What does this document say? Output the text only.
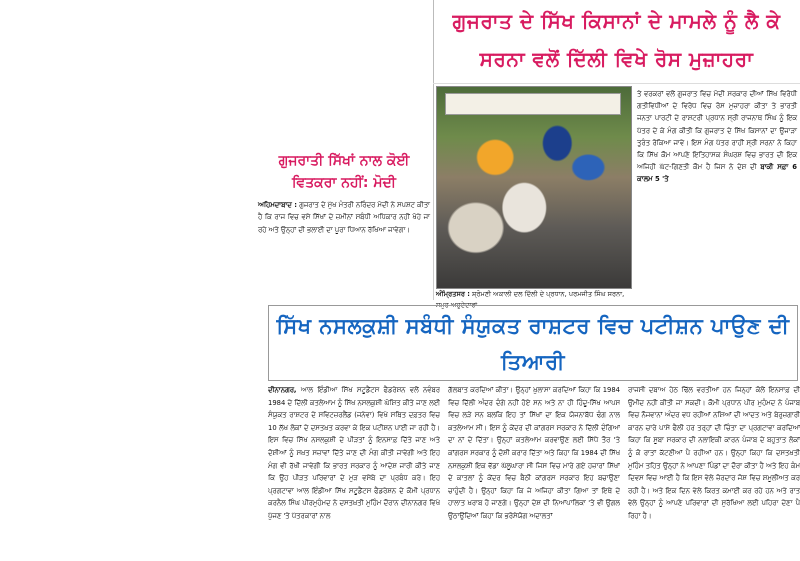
ਗੁਜਰਾਤ ਦੇ ਸਿੱਖ ਕਿਸਾਨਾਂ ਦੇ ਮਾਮਲੇ ਨੂੰ ਲੈ ਕੇ ਸਰਨਾ ਵਲੋਂ ਦਿੱਲੀ ਵਿਖੇ ਰੋਸ ਮੁਜ਼ਾਹਰਾ
ਅੰਮ੍ਰਿਤਸਰ : ਸ਼੍ਰੋਮਣੀ ਅਕਾਲੀ ਦਲ ਦਿੱਲੀ ਦੇ ਪ੍ਰਧਾਨ, ਪਰਮਜੀਤ ਸਿੰਘ ਸਰਨਾ, ਸਮੁਹ ਅਹੁਦੇਦਾਰਾਂ
ਤੇ ਵਰਕਰਾਂ ਵਲੋਂ ਗੁਜਰਾਤ ਵਿਚ ਮੋਦੀ ਸਰਕਾਰ ਦੀਆਂ ਸਿੱਖ ਵਿਰੋਧੀ ਗਤੀਵਿਧੀਆਂ ਦੇ ਵਿਰੋਧ ਵਿਚ ਰੋਸ ਮੁਜ਼ਾਹਰਾ ਕੀਤਾ ਤੇ ਭਾਰਤੀ ਜਨਤਾ ਪਾਰਟੀ ਦੇ ਰਾਸ਼ਟਰੀ ਪ੍ਰਧਾਨ ਸ੍ਰੀ ਰਾਜਨਾਥ ਸਿੰਘ ਨੂੰ ਇਕ ਪੱਤਰ ਦੇ ਕੇ ਮੰਗ ਕੀਤੀ ਕਿ ਗੁਜਰਾਤ ਦੇ ਸਿੱਖ ਕਿਸਾਨਾਂ ਦਾ ਉਜਾੜਾ ਤੁਰੰਤ ਰੋਕਿਆ ਜਾਵੇ। ਇਸ ਮੰਗ ਪੱਤਰ ਰਾਹੀਂ ਸ੍ਰੀ ਸਰਨਾ ਨੇ ਕਿਹਾ ਕਿ ਸਿੱਖ ਕੌਮ ਆਪਣੇ ਇਤਿਹਾਸਕ ਸੰਘਰਸ਼ ਵਿਚ ਭਾਰਤ ਦੀ ਇਕ ਅਜਿਹੀ ਘੱਟ-ਗਿਣਤੀ ਕੌਮ ਹੈ ਜਿਸ ਨੇ ਦੇਸ਼ ਦੀ ਬਾਕੀ ਸਫ਼ਾ 6 ਕਾਲਮ 5 'ਤੇ
ਗੁਜਰਾਤੀ ਸਿੱਖਾਂ ਨਾਲ ਕੋਈ ਵਿਤਕਰਾ ਨਹੀਂ: ਮੋਦੀ
ਅਹਿਮਦਾਬਾਦ : ਗੁਜਰਾਤ ਦੇ ਮੁੱਖ ਮੰਤਰੀ ਨਰਿੰਦਰ ਮੋਦੀ ਨੇ ਸਪਸ਼ਟ ਕੀਤਾ ਹੈ ਕਿ ਰਾਜ ਵਿਚ ਵਸੇ ਸਿੱਖਾਂ ਦੇ ਜ਼ਮੀਨਾਂ ਸਬੰਧੀ ਅਧਿਕਾਰ ਨਹੀਂ ਖੋਹੇ ਜਾ ਰਹੇ ਅਤੇ ਉਨ੍ਹਾਂ ਦੀ ਭਲਾਈ ਦਾ ਪੂਰਾ ਧਿਆਨ ਰੱਖਿਆ ਜਾਵੇਗਾ।
ਸਿੱਖ ਨਸਲਕੁਸ਼ੀ ਸਬੰਧੀ ਸੰਯੁਕਤ ਰਾਸ਼ਟਰ ਵਿਚ ਪਟੀਸ਼ਨ ਪਾਉਣ ਦੀ ਤਿਆਰੀ
ਦੀਨਾਨਗਰ, ਆਲ ਇੰਡੀਆ ਸਿੱਖ ਸਟੂਡੈਂਟਸ ਫੈਡਰੇਸ਼ਨ ਵਲੋਂ ਨਵੰਬਰ 1984 ਦੇ ਦਿੱਲੀ ਕਤਲੇਆਮ ਨੂੰ ਸਿੱਖ ਨਸਲਕੁਸ਼ੀ ਘੋਸ਼ਿਤ ਕੀਤੇ ਜਾਣ ਲਈ ਸੰਯੁਕਤ ਰਾਸ਼ਟਰ ਦੇ ਸਵਿਟਜ਼ਰਲੈਂਡ (ਜਨੇਵਾ) ਵਿਖੇ ਸਥਿਤ ਦਫ਼ਤਰ ਵਿਚ 10 ਲੱਖ ਲੋਕਾਂ ਦੇ ਦਸਤਖ਼ਤ ਕਰਵਾ ਕੇ ਇਕ ਪਟੀਸ਼ਨ ਪਾਈ ਜਾ ਰਹੀ ਹੈ। ਇਸ ਵਿਚ ਸਿੱਖ ਨਸਲਕੁਸ਼ੀ ਦੇ ਪੀੜਤਾਂ ਨੂੰ ਇਨਸਾਫ਼ ਦਿੱਤੇ ਜਾਣ ਅਤੇ ਦੋਸ਼ੀਆਂ ਨੂੰ ਸਖ਼ਤ ਸਜ਼ਾਵਾਂ ਦਿੱਤੇ ਜਾਣ ਦੀ ਮੰਗ ਕੀਤੀ ਜਾਵੇਗੀ ਅਤੇ ਇਹ ਮੰਗ ਵੀ ਰੱਖੀ ਜਾਵੇਗੀ ਕਿ ਭਾਰਤ ਸਰਕਾਰ ਨੂੰ ਆਦੇਸ਼ ਜਾਰੀ ਕੀਤੇ ਜਾਣ ਕਿ ਉਹ ਪੀੜਤ ਪਰਿਵਾਰਾਂ ਦੇ ਮੁੜ ਵਸੇਬੇ ਦਾ ਪ੍ਰਬੰਧ ਕਰੇ। ਇਹ ਪ੍ਰਗਟਾਵਾ ਆਲ ਇੰਡੀਆ ਸਿੱਖ ਸਟੂਡੈਂਟਸ ਫੈਡਰੇਸ਼ਨ ਦੇ ਕੌਮੀ ਪ੍ਰਧਾਨ ਕਰਨੈਲ ਸਿੰਘ ਪੀਰਮੁਹੰਮਦ ਨੇ ਦਸਤਖ਼ਤੀ ਮੁਹਿੰਮ ਦੌਰਾਨ ਦੀਨਾਨਗਰ ਵਿਖੇ ਪੁੱਜਣ 'ਤੇ ਪੱਤਰਕਾਰਾਂ ਨਾਲ
ਗੱਲਬਾਤ ਕਰਦਿਆਂ ਕੀਤਾ। ਉਨ੍ਹਾਂ ਖ਼ੁਲਾਸਾ ਕਰਦਿਆਂ ਕਿਹਾ ਕਿ 1984 ਵਿਚ ਦਿੱਲੀ ਅੰਦਰ ਦੰਗੇ ਨਹੀਂ ਹੋਏ ਸਨ ਅਤੇ ਨਾ ਹੀ ਹਿੰਦੂ-ਸਿੱਖ ਆਪਸ ਵਿਚ ਲੜੇ ਸਨ ਬਲਕਿ ਇਹ ਤਾਂ ਸਿੱਖਾਂ ਦਾ ਇਕ ਯੋਜਨਾਬੱਧ ਢੰਗ ਨਾਲ ਕਤਲੇਆਮ ਸੀ। ਇਸ ਨੂੰ ਕੇਂਦਰ ਦੀ ਕਾਂਗਰਸ ਸਰਕਾਰ ਨੇ ਦਿੱਲੀ ਦੰਗਿਆਂ ਦਾ ਨਾਂ ਦੇ ਦਿੱਤਾ। ਉਨ੍ਹਾਂ ਕਤਲੇਆਮ ਕਰਵਾਉਣ ਲਈ ਸਿੱਧੇ ਤੌਰ 'ਤੇ ਕਾਂਗਰਸ ਸਰਕਾਰ ਨੂੰ ਦੋਸ਼ੀ ਕਰਾਰ ਦਿੱਤਾ ਅਤੇ ਕਿਹਾ ਕਿ 1984 ਦੀ ਸਿੱਖ ਨਸਲਕੁਸ਼ੀ ਇਕ ਵੱਡਾ ਘੱਲੂਘਾਰਾ ਸੀ ਜਿਸ ਵਿਚ ਮਾਰੇ ਗਏ ਹਜ਼ਾਰਾਂ ਸਿੱਖਾਂ ਦੇ ਕਾਤਲਾਂ ਨੂੰ ਕੇਂਦਰ ਵਿਚ ਬੈਠੀ ਕਾਂਗਰਸ ਸਰਕਾਰ ਇਹ ਬਚਾਉਣਾ ਚਾਹੁੰਦੀ ਹੈ। ਉਨ੍ਹਾਂ ਕਿਹਾ ਕਿ ਜੇ ਅਜਿਹਾ ਕੀਤਾ ਗਿਆ ਤਾਂ ਇਥੇ ਦੇ ਹਾਲਾਤ ਖ਼ਰਾਬ ਹੋ ਜਾਣਗੇ। ਉਨ੍ਹਾਂ ਦੇਸ਼ ਦੀ ਨਿਆਂਪਾਲਿਕਾ 'ਤੇ ਵੀ ਉਂਗਲ ਉਠਾਉਂਦਿਆਂ ਕਿਹਾ ਕਿ ਭਰੋਸੇਯੋਗ ਅਦਾਲਤਾਂ
ਰਾਜਸੀ ਦਬਾਅ ਹੇਠ ਢਿੱਲ ਵਰਤੀਆਂ ਹਨ ਜਿਨ੍ਹਾਂ ਕੋਲੋਂ ਇਨਸਾਫ਼ ਦੀ ਉਮੀਦ ਨਹੀਂ ਕੀਤੀ ਜਾ ਸਕਦੀ। ਕੌਮੀ ਪ੍ਰਧਾਨ ਪੀਰ ਮੁਹੰਮਦ ਨੇ ਪੰਜਾਬ ਵਿਚ ਨੌਜਵਾਨਾਂ ਅੰਦਰ ਵਧ ਰਹੀਆਂ ਨਸ਼ਿਆਂ ਦੀ ਆਦਤ ਅਤੇ ਬੇਰੁਜ਼ਗਾਰੀ ਕਾਰਨ ਚਾਰੇ ਪਾਸੇ ਫੈਲੀ ਹਰ ਤਰ੍ਹਾਂ ਦੀ ਚਿੰਤਾ ਦਾ ਪ੍ਰਗਟਾਵਾ ਕਰਦਿਆਂ ਕਿਹਾ ਕਿ ਸੂਬਾ ਸਰਕਾਰ ਦੀ ਨਲਾਇਕੀ ਕਾਰਨ ਪੰਜਾਬ ਦੇ ਬਹੁਤਾਤ ਲੋਕਾਂ ਨੂੰ ਕੋ ਰਾਤਾਂ ਕੱਟਣੀਆਂ ਪੈ ਰਹੀਆਂ ਹਨ। ਉਨ੍ਹਾਂ ਕਿਹਾ ਕਿ ਦਸਤਖ਼ਤੀ ਮੁਹਿੰਮ ਤਹਿਤ ਉਨ੍ਹਾਂ ਨੇ ਆਪਣਾ ਪਿੰਡਾਂ ਦਾ ਦੌਰਾ ਕੀਤਾ ਹੈ ਅਤੇ ਇਹ ਕੰਮ ਦਿਵਸ ਵਿਚ ਆਈ ਹੈ ਕਿ ਇਸ ਵੇਲੇ ਜ਼ੋਰਦਾਰ ਜੋਸ਼ ਵਿਚ ਸ਼ਮੂਲੀਅਤ ਕਰ ਰਹੀ ਹੈ। ਅਤੇ ਇਕ ਦਿਨ ਵੇਲੇ ਕਿਰਤ ਕਮਾਈ ਕਰ ਰਹੇ ਹਨ ਅਤੇ ਰਾਤ ਵੇਲੇ ਉਨ੍ਹਾਂ ਨੂੰ ਆਪਣੇ ਪਰਿਵਾਰਾਂ ਦੀ ਸੁਰੱਖਿਆ ਲਈ ਪਹਿਰਾ ਦੇਣਾ ਪੈ ਰਿਹਾ ਹੈ।
